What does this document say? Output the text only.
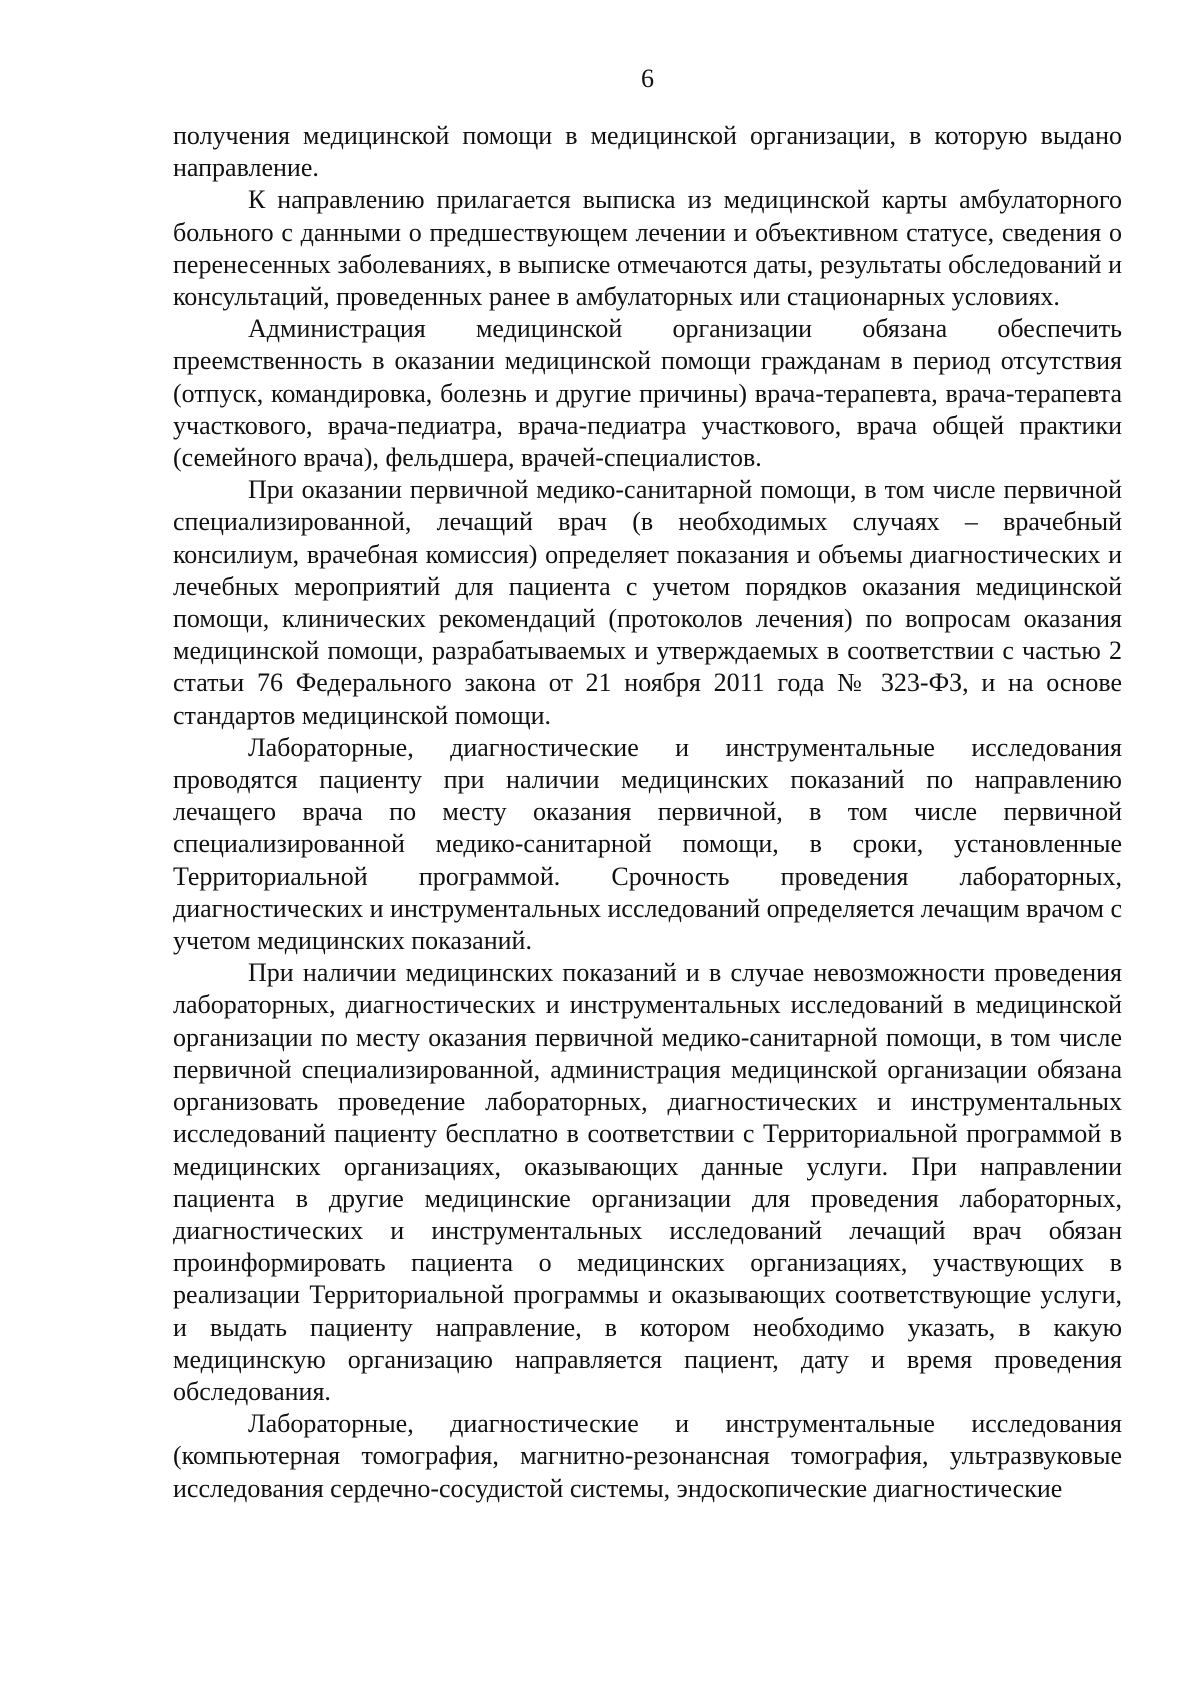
6

получения медицинской помощи в медицинской организации, в которую выдано направление.

К направлению прилагается выписка из медицинской карты амбулаторного больного с данными о предшествующем лечении и объективном статусе, сведения о перенесенных заболеваниях, в выписке отмечаются даты, результаты обследований и консультаций, проведенных ранее в амбулаторных или стационарных условиях.

Администрация медицинской организации обязана обеспечить преемственность в оказании медицинской помощи гражданам в период отсутствия (отпуск, командировка, болезнь и другие причины) врача-терапевта, врача-терапевта участкового, врача-педиатра, врача-педиатра участкового, врача общей практики (семейного врача), фельдшера, врачей-специалистов.

При оказании первичной медико-санитарной помощи, в том числе первичной специализированной, лечащий врач (в необходимых случаях – врачебный консилиум, врачебная комиссия) определяет показания и объемы диагностических и лечебных мероприятий для пациента с учетом порядков оказания медицинской помощи, клинических рекомендаций (протоколов лечения) по вопросам оказания медицинской помощи, разрабатываемых и утверждаемых в соответствии с частью 2 статьи 76 Федерального закона от 21 ноября 2011 года № 323-ФЗ, и на основе стандартов медицинской помощи.

Лабораторные, диагностические и инструментальные исследования проводятся пациенту при наличии медицинских показаний по направлению лечащего врача по месту оказания первичной, в том числе первичной специализированной медико-санитарной помощи, в сроки, установленные Территориальной программой. Срочность проведения лабораторных, диагностических и инструментальных исследований определяется лечащим врачом с учетом медицинских показаний.

При наличии медицинских показаний и в случае невозможности проведения лабораторных, диагностических и инструментальных исследований в медицинской организации по месту оказания первичной медико-санитарной помощи, в том числе первичной специализированной, администрация медицинской организации обязана организовать проведение лабораторных, диагностических и инструментальных исследований пациенту бесплатно в соответствии с Территориальной программой в медицинских организациях, оказывающих данные услуги. При направлении пациента в другие медицинские организации для проведения лабораторных, диагностических и инструментальных исследований лечащий врач обязан проинформировать пациента о медицинских организациях, участвующих в реализации Территориальной программы и оказывающих соответствующие услуги, и выдать пациенту направление, в котором необходимо указать, в какую медицинскую организацию направляется пациент, дату и время проведения обследования.

Лабораторные, диагностические и инструментальные исследования (компьютерная томография, магнитно-резонансная томография, ультразвуковые исследования сердечно-сосудистой системы, эндоскопические диагностические
